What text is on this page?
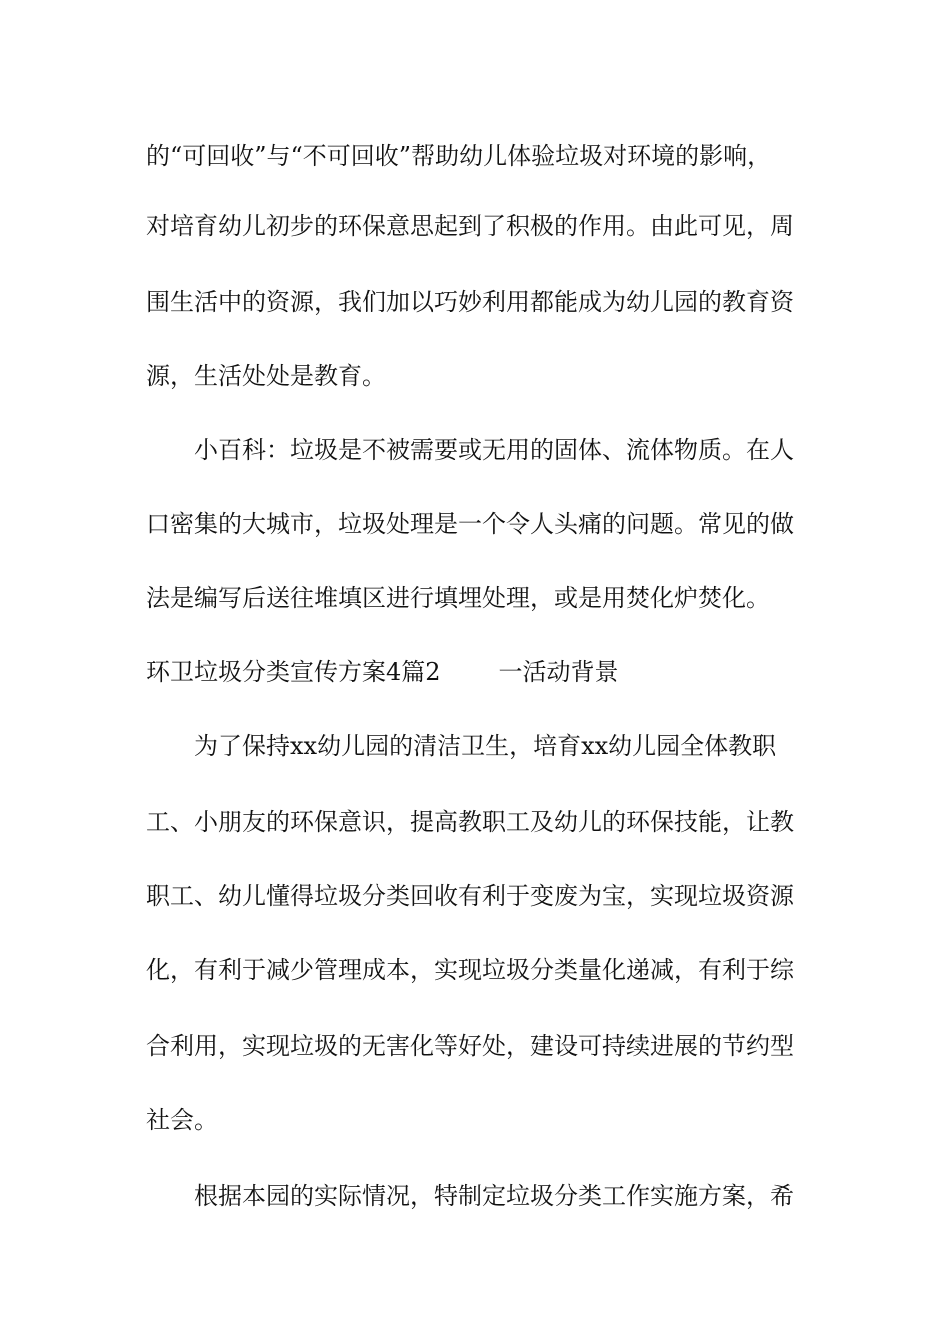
的“可回收”与“不可回收”帮助幼儿体验垃圾对环境的影响，
对培育幼儿初步的环保意思起到了积极的作用。由此可见，周
围生活中的资源，我们加以巧妙利用都能成为幼儿园的教育资
源，生活处处是教育。
小百科：垃圾是不被需要或无用的固体、流体物质。在人
口密集的大城市，垃圾处理是一个令人头痛的问题。常见的做
法是编写后送往堆填区进行填埋处理，或是用焚化炉焚化。
环卫垃圾分类宣传方案4篇2 一活动背景
为了保持xx幼儿园的清洁卫生，培育xx幼儿园全体教职
工、小朋友的环保意识，提高教职工及幼儿的环保技能，让教
职工、幼儿懂得垃圾分类回收有利于变废为宝，实现垃圾资源
化，有利于减少管理成本，实现垃圾分类量化递减，有利于综
合利用，实现垃圾的无害化等好处，建设可持续进展的节约型
社会。
根据本园的实际情况，特制定垃圾分类工作实施方案，希
